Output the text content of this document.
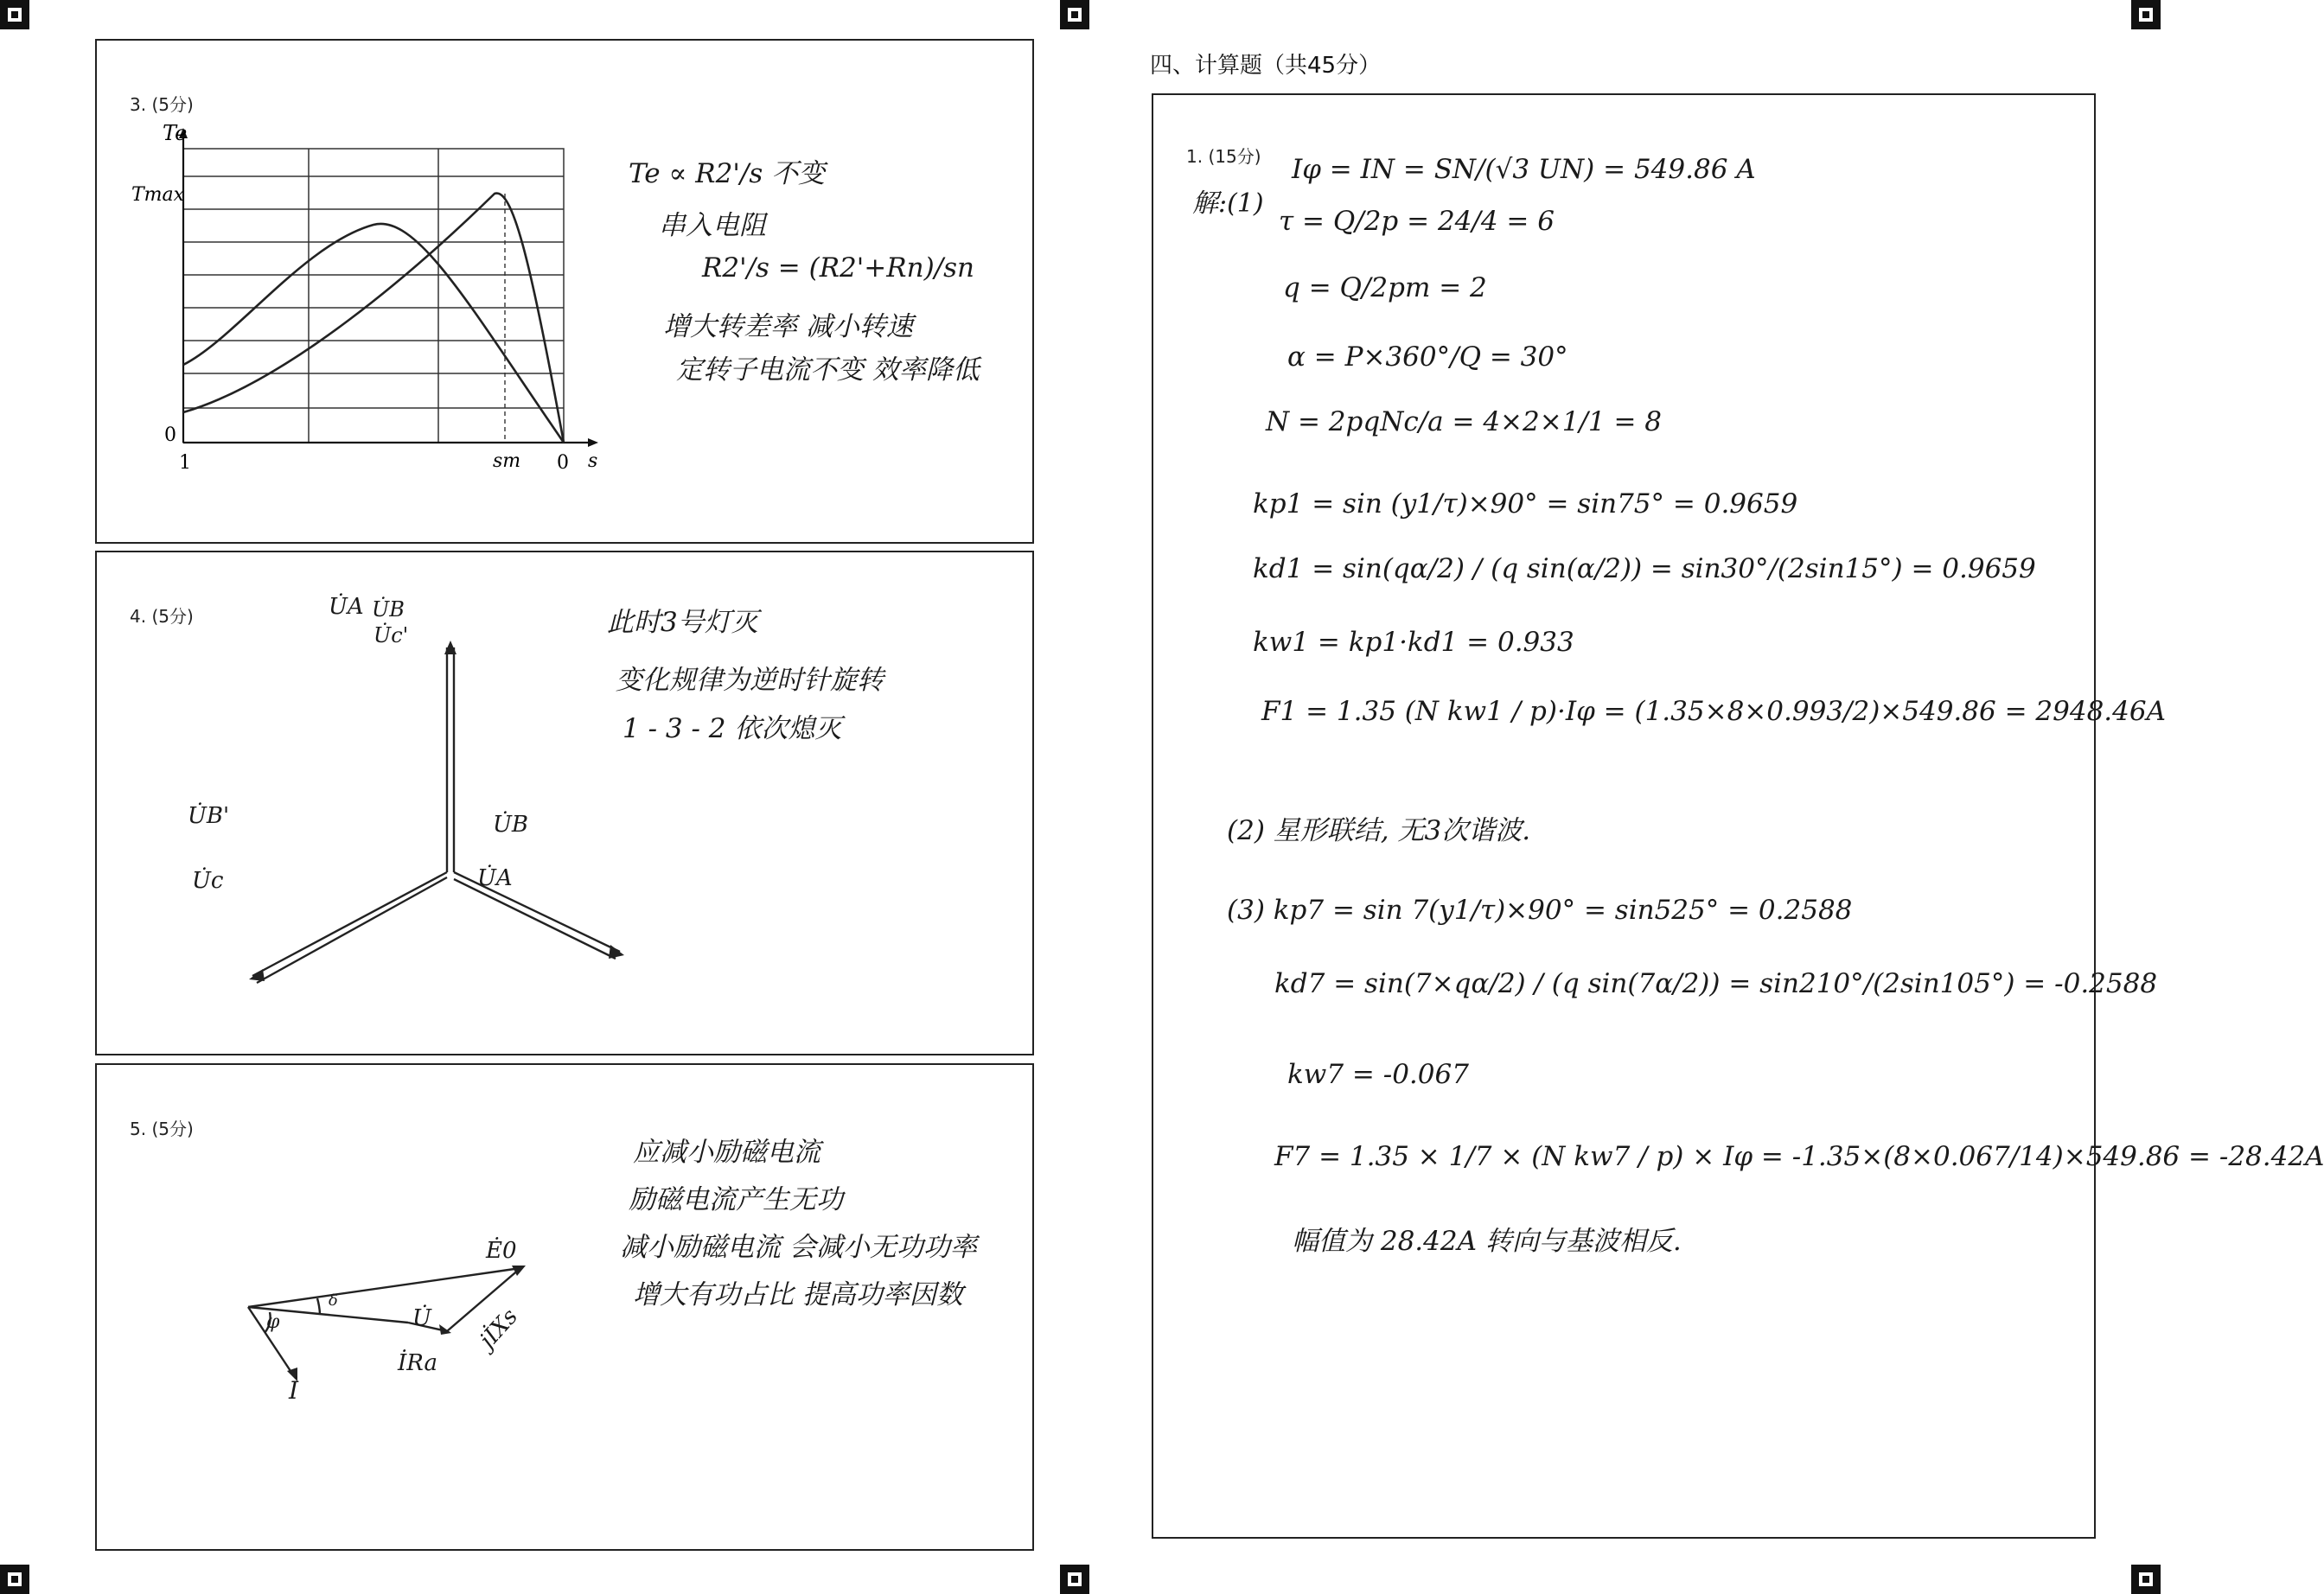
3. (5分)
Te
Tmax
0
1	sm 0 s
Te ∝ R2'/s 不变
串入电阻
R2'/s = (R2'+Rn)/sn
增大转差率 减小转速
定转子电流不变 效率降低
4. (5分)	U̇A U̇B
U̇c'
U̇B'
U̇c
U̇B
U̇A
此时3号灯灭
变化规律为逆时针旋转
1 - 3 - 2 依次熄灭
5. (5分)
Ė0
U̇
İ
İRa
jİXs
φ
δ
应减小励磁电流
励磁电流产生无功
减小励磁电流 会减小无功功率
增大有功占比 提高功率因数
四、计算题（共45分）
1. (15分)
解:(1)
Iφ = IN = SN/(√3 UN) = 549.86 A
τ = Q/2p = 24/4 = 6
q = Q/2pm = 2
α = P×360°/Q = 30°
N = 2pqNc/a = 4×2×1/1 = 8
kp1 = sin (y1/τ)×90° = sin75° = 0.9659
kd1 = sin(qα/2) / (q sin(α/2)) = sin30°/(2sin15°) = 0.9659
kw1 = kp1·kd1 = 0.933
F1 = 1.35 (N kw1 / p)·Iφ = (1.35×8×0.993/2)×549.86 = 2948.46A
(2) 星形联结, 无3次谐波.
(3) kp7 = sin 7(y1/τ)×90° = sin525° = 0.2588
kd7 = sin(7×qα/2) / (q sin(7α/2)) = sin210°/(2sin105°) = -0.2588
kw7 = -0.067
F7 = 1.35 × 1/7 × (N kw7 / p) × Iφ = -1.35×(8×0.067/14)×549.86 = -28.42A
幅值为 28.42A 转向与基波相反.
